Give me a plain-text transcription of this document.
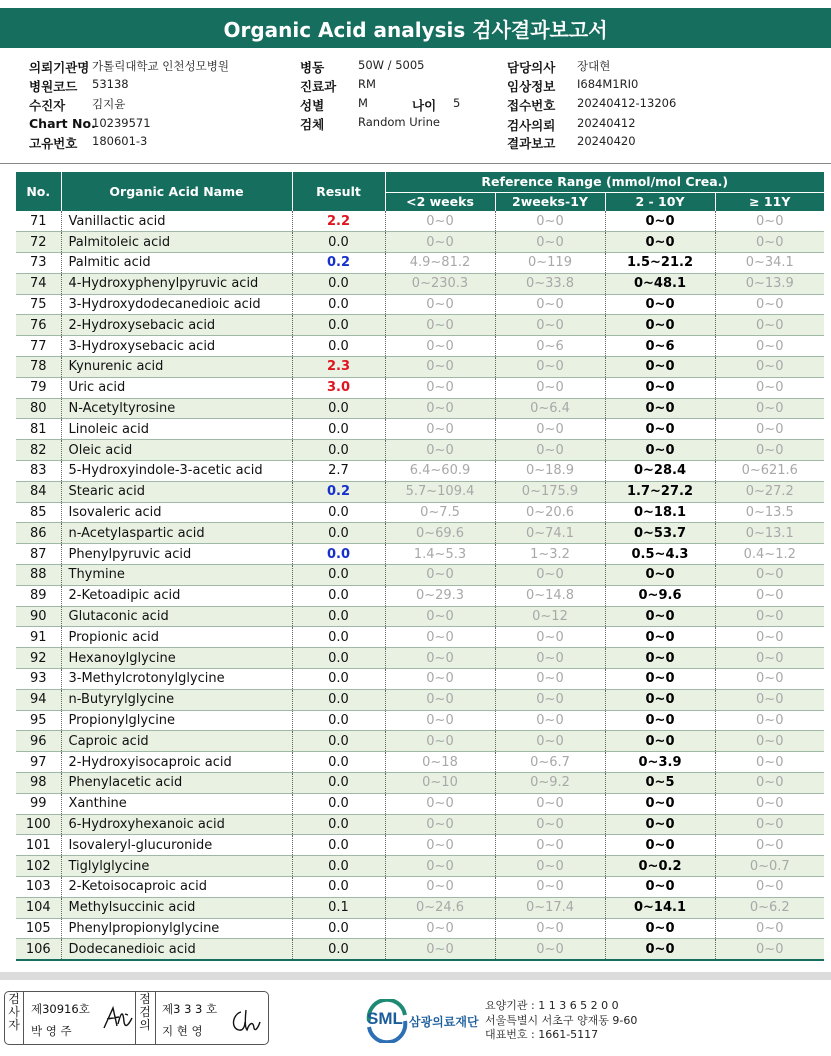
Organic Acid analysis 검사결과보고서
의뢰기관명 가톨릭대학교 인천성모병원
병원코드 53138
수진자 김지윤
Chart No.
10239571
고유번호 180601-3
병동	50W / 5005
진료과 RM
성별	M	나이 5
검체	Random Urine
담당의사 장대현
임상정보 I684M1RI0
접수번호 20240412-13206
검사의뢰 20240412
결과보고 20240420
No.	Organic Acid Name	Result	Reference Range (mmol/mol Crea.)			
			<2 weeks	2weeks-1Y	2 - 10Y	≥ 11Y
71	Vanillactic acid	2.2	0~0	0~0	0~0	0~0
72	Palmitoleic acid	0.0	0~0	0~0	0~0	0~0
73	Palmitic acid	0.2	4.9~81.2	0~119	1.5~21.2	0~34.1
74	4-Hydroxyphenylpyruvic acid	0.0	0~230.3	0~33.8	0~48.1	0~13.9
75	3-Hydroxydodecanedioic acid	0.0	0~0	0~0	0~0	0~0
76	2-Hydroxysebacic acid	0.0	0~0	0~0	0~0	0~0
77	3-Hydroxysebacic acid	0.0	0~0	0~6	0~6	0~0
78	Kynurenic acid	2.3	0~0	0~0	0~0	0~0
79	Uric acid	3.0	0~0	0~0	0~0	0~0
80	N-Acetyltyrosine	0.0	0~0	0~6.4	0~0	0~0
81	Linoleic acid	0.0	0~0	0~0	0~0	0~0
82	Oleic acid	0.0	0~0	0~0	0~0	0~0
83	5-Hydroxyindole-3-acetic acid	2.7	6.4~60.9	0~18.9	0~28.4	0~621.6
84	Stearic acid	0.2	5.7~109.4	0~175.9	1.7~27.2	0~27.2
85	Isovaleric acid	0.0	0~7.5	0~20.6	0~18.1	0~13.5
86	n-Acetylaspartic acid	0.0	0~69.6	0~74.1	0~53.7	0~13.1
87	Phenylpyruvic acid	0.0	1.4~5.3	1~3.2	0.5~4.3	0.4~1.2
88	Thymine	0.0	0~0	0~0	0~0	0~0
89	2-Ketoadipic acid	0.0	0~29.3	0~14.8	0~9.6	0~0
90	Glutaconic acid	0.0	0~0	0~12	0~0	0~0
91	Propionic acid	0.0	0~0	0~0	0~0	0~0
92	Hexanoylglycine	0.0	0~0	0~0	0~0	0~0
93	3-Methylcrotonylglycine	0.0	0~0	0~0	0~0	0~0
94	n-Butyrylglycine	0.0	0~0	0~0	0~0	0~0
95	Propionylglycine	0.0	0~0	0~0	0~0	0~0
96	Caproic acid	0.0	0~0	0~0	0~0	0~0
97	2-Hydroxyisocaproic acid	0.0	0~18	0~6.7	0~3.9	0~0
98	Phenylacetic acid	0.0	0~10	0~9.2	0~5	0~0
99	Xanthine	0.0	0~0	0~0	0~0	0~0
100	6-Hydroxyhexanoic acid	0.0	0~0	0~0	0~0	0~0
101	Isovaleryl-glucuronide	0.0	0~0	0~0	0~0	0~0
102	Tiglylglycine	0.0	0~0	0~0	0~0.2	0~0.7
103	2-Ketoisocaproic acid	0.0	0~0	0~0	0~0	0~0
104	Methylsuccinic acid	0.1	0~24.6	0~17.4	0~14.1	0~6.2
105	Phenylpropionylglycine	0.0	0~0	0~0	0~0	0~0
106	Dodecanedioic acid	0.0	0~0	0~0	0~0	0~0
검사자
제30916호
박 영 주
점검의
제3 3 3 호
지 현 영
SML 삼광의료재단
요양기관 : 1 1 3 6 5 2 0 0
서울특별시 서초구 양재동 9-60
대표번호 : 1661-5117
